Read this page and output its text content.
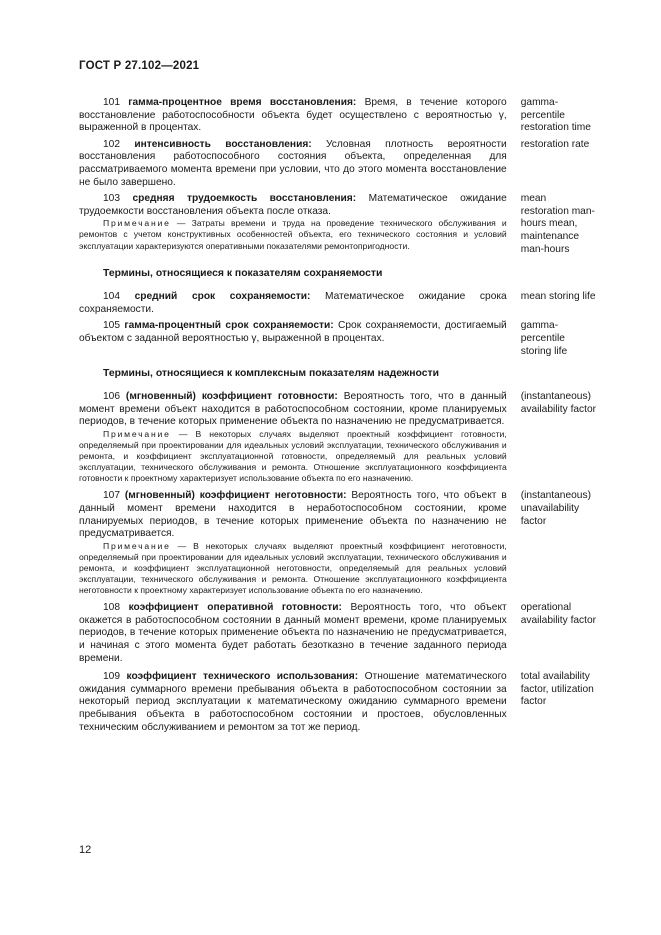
ГОСТ Р 27.102—2021

101 гамма-процентное время восстановления: Время, в течение которого восстановление работоспособности объекта будет осуществлено с вероятностью γ, выраженной в процентах.

gamma-
percentile
restoration time

102 интенсивность восстановления: Условная плотность вероятности восстановления работоспособного состояния объекта, определенная для рассматриваемого момента времени при условии, что до этого момента восстановление не было завершено.

restoration rate

103 средняя трудоемкость восстановления: Математическое ожидание трудоемкости восстановления объекта после отказа.

Примечание — Затраты времени и труда на проведение технического обслуживания и ремонтов с учетом конструктивных особенностей объекта, его технического состояния и условий эксплуатации характеризуются оперативными показателями ремонтопригодности.

mean
restoration man-
hours mean,
maintenance
man-hours

Термины, относящиеся к показателям сохраняемости

104 средний срок сохраняемости: Математическое ожидание срока сохраняемости.

mean storing life

105 гамма-процентный срок сохраняемости: Срок сохраняемости, достигаемый объектом с заданной вероятностью γ, выраженной в процентах.

gamma-
percentile
storing life

Термины, относящиеся к комплексным показателям надежности

106 (мгновенный) коэффициент готовности: Вероятность того, что в данный момент времени объект находится в работоспособном состоянии, кроме планируемых периодов, в течение которых применение объекта по назначению не предусматривается.

Примечание — В некоторых случаях выделяют проектный коэффициент готовности, определяемый при проектировании для идеальных условий эксплуатации, технического обслуживания и ремонта, и коэффициент эксплуатационной готовности, определяемый для реальных условий эксплуатации, технического обслуживания и ремонта. Отношение эксплуатационного коэффициента готовности к проектному характеризует использование объекта по его назначению.

(instantaneous)
availability factor

107 (мгновенный) коэффициент неготовности: Вероятность того, что объект в данный момент времени находится в неработоспособном состоянии, кроме планируемых периодов, в течение которых применение объекта по назначению не предусматривается.

Примечание — В некоторых случаях выделяют проектный коэффициент неготовности, определяемый при проектировании для идеальных условий эксплуатации, технического обслуживания и ремонта, и коэффициент эксплуатационной неготовности, определяемый для реальных условий эксплуатации, технического обслуживания и ремонта. Отношение эксплуатационного коэффициента неготовности к проектному характеризует использование объекта по его назначению.

(instantaneous)
unavailability
factor

108 коэффициент оперативной готовности: Вероятность того, что объект окажется в работоспособном состоянии в данный момент времени, кроме планируемых периодов, в течение которых применение объекта по назначению не предусматривается, и начиная с этого момента будет работать безотказно в течение заданного периода времени.

operational
availability factor

109 коэффициент технического использования: Отношение математического ожидания суммарного времени пребывания объекта в работоспособном состоянии за некоторый период эксплуатации к математическому ожиданию суммарного времени пребывания объекта в работоспособном состоянии и простоев, обусловленных техническим обслуживанием и ремонтом за тот же период.

total availability
factor, utilization
factor
12
